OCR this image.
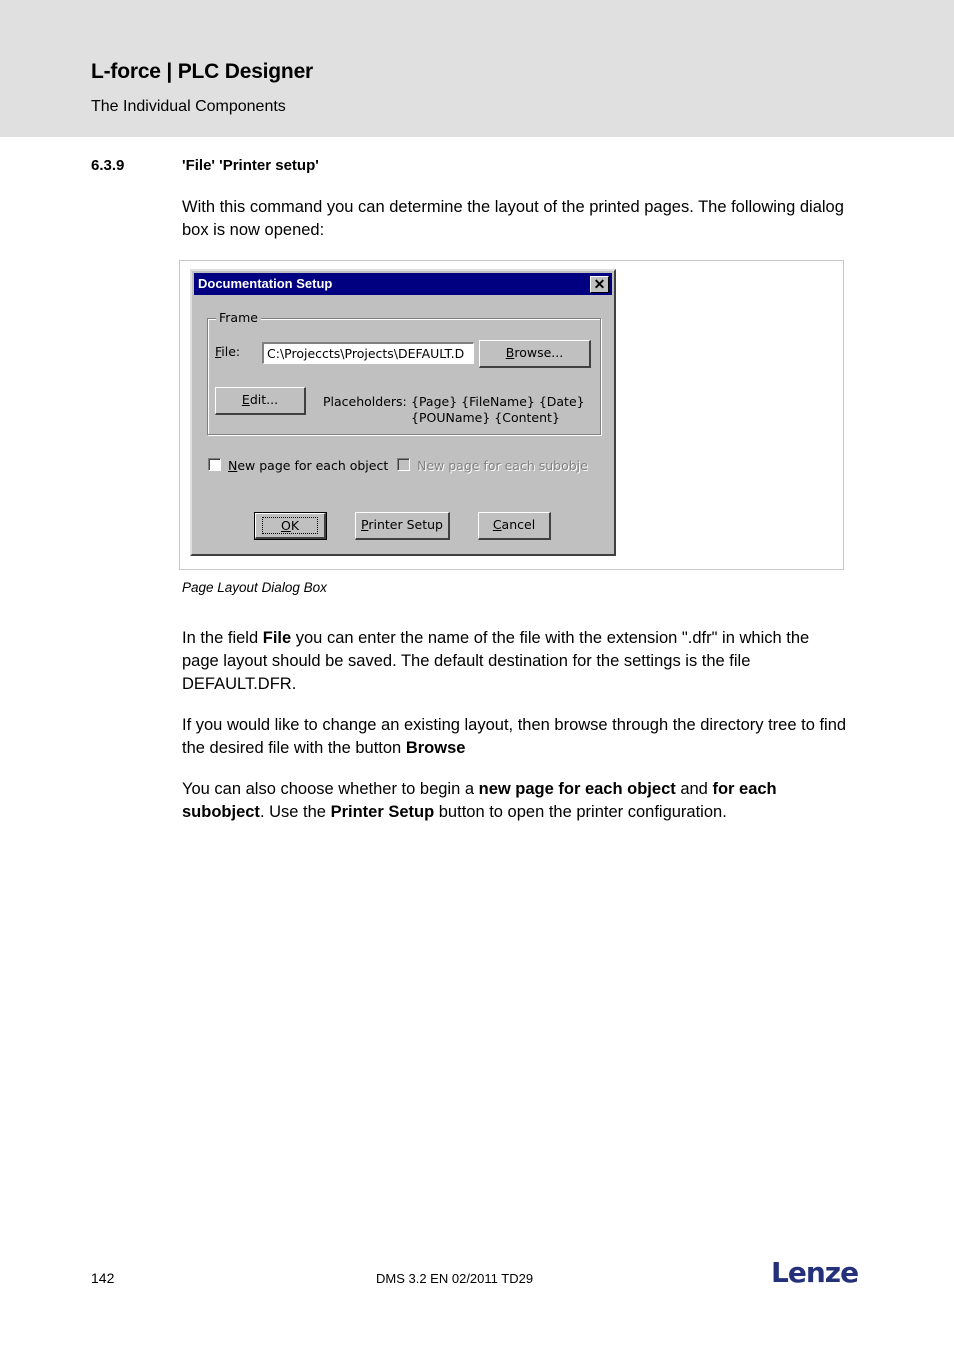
L-force | PLC Designer
The Individual Components
6.3.9	'File' 'Printer setup'
With this command you can determine the layout of the printed pages. The following dialog box is now opened:
Documentation Setup	✕
Frame
File:	C:\Projeccts\Projects\DEFAULT.D	Browse...
Edit...	Placeholders: {Page} {FileName} {Date}
{POUName} {Content}
New page for each object New page for each subobje
OK	Printer Setup	Cancel
Page Layout Dialog Box
In the field File you can enter the name of the file with the extension ".dfr" in which the page layout should be saved. The default destination for the settings is the file DEFAULT.DFR.
If you would like to change an existing layout, then browse through the directory tree to find the desired file with the button Browse
You can also choose whether to begin a new page for each object and for each subobject. Use the Printer Setup button to open the printer configuration.
142	DMS 3.2 EN 02/2011 TD29	Lenze
